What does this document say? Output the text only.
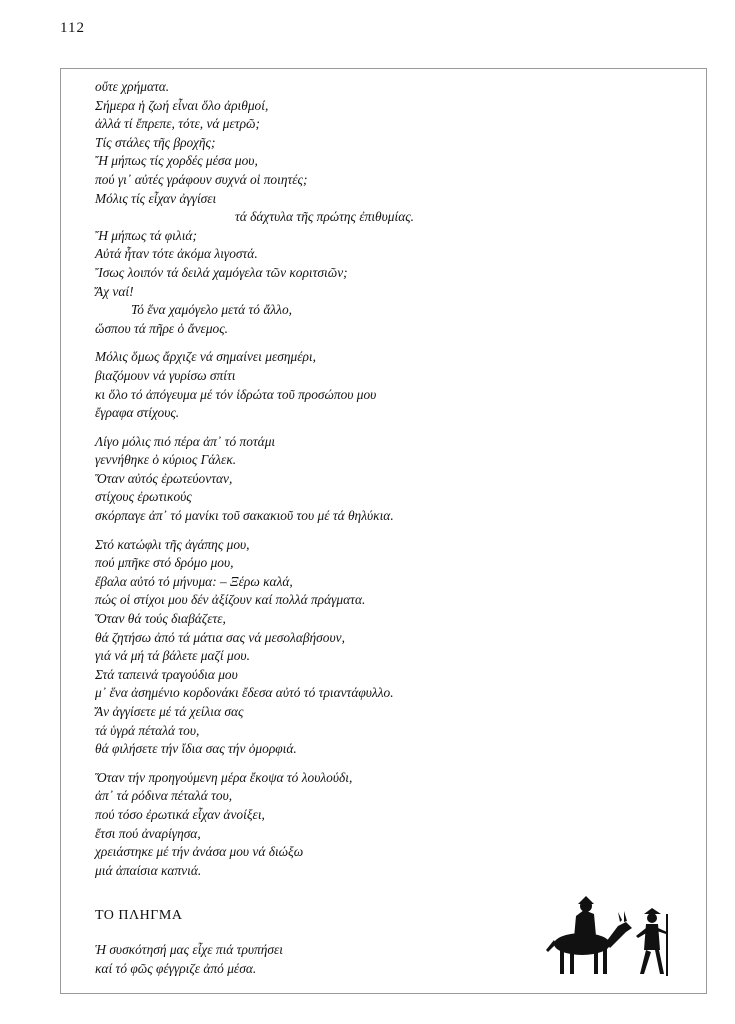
112
οὔτε χρήματα.
Σήμερα ἡ ζωή εἶναι ὅλο ἀριθμοί,
ἀλλά τί ἔπρεπε, τότε, νά μετρῶ;
Τίς στάλες τῆς βροχῆς;
Ἤ μήπως τίς χορδές μέσα μου,
πού γι᾿ αὐτές γράφουν συχνά οἱ ποιητές;
Μόλις τίς εἶχαν ἀγγίσει
τά δάχτυλα τῆς πρώτης ἐπιθυμίας.
Ἤ μήπως τά φιλιά;
Αὐτά ἦταν τότε ἀκόμα λιγοστά.
Ἴσως λοιπόν τά δειλά χαμόγελα τῶν κοριτσιῶν;
Ἄχ ναί!
Τό ἕνα χαμόγελο μετά τό ἄλλο,
ὥσπου τά πῆρε ὁ ἄνεμος.
Μόλις ὅμως ἄρχιζε νά σημαίνει μεσημέρι,
βιαζόμουν νά γυρίσω σπίτι
κι ὅλο τό ἀπόγευμα μέ τόν ἱδρώτα τοῦ προσώπου μου
ἔγραφα στίχους.
Λίγο μόλις πιό πέρα ἀπ᾿ τό ποτάμι
γεννήθηκε ὁ κύριος Γάλεκ.
Ὅταν αὐτός ἐρωτεύονταν,
στίχους ἐρωτικούς
σκόρπαγε ἀπ᾿ τό μανίκι τοῦ σακακιοῦ του μέ τά θηλύκια.
Στό κατώφλι τῆς ἀγάπης μου,
πού μπῆκε στό δρόμο μου,
ἔβαλα αὐτό τό μήνυμα: – Ξέρω καλά,
πώς οἱ στίχοι μου δέν ἀξίζουν καί πολλά πράγματα.
Ὅταν θά τούς διαβάζετε,
θά ζητήσω ἀπό τά μάτια σας νά μεσολαβήσουν,
γιά νά μή τά βάλετε μαζί μου.
Στά ταπεινά τραγούδια μου
μ᾿ ἕνα ἀσημένιο κορδονάκι ἔδεσα αὐτό τό τριαντάφυλλο.
Ἄν ἀγγίσετε μέ τά χείλια σας
τά ὑγρά πέταλά του,
θά φιλήσετε τήν ἴδια σας τήν ὀμορφιά.
Ὅταν τήν προηγούμενη μέρα ἔκοψα τό λουλούδι,
ἀπ᾿ τά ρόδινα πέταλά του,
πού τόσο ἐρωτικά εἶχαν ἀνοίξει,
ἔτσι πού ἀναρίγησα,
χρειάστηκε μέ τήν ἀνάσα μου νά διώξω
μιά ἀπαίσια καπνιά.
ΤΟ ΠΛΗΓΜΑ
Ἡ συσκότησή μας εἶχε πιά τρυπήσει
καί τό φῶς φέγγριζε ἀπό μέσα.
